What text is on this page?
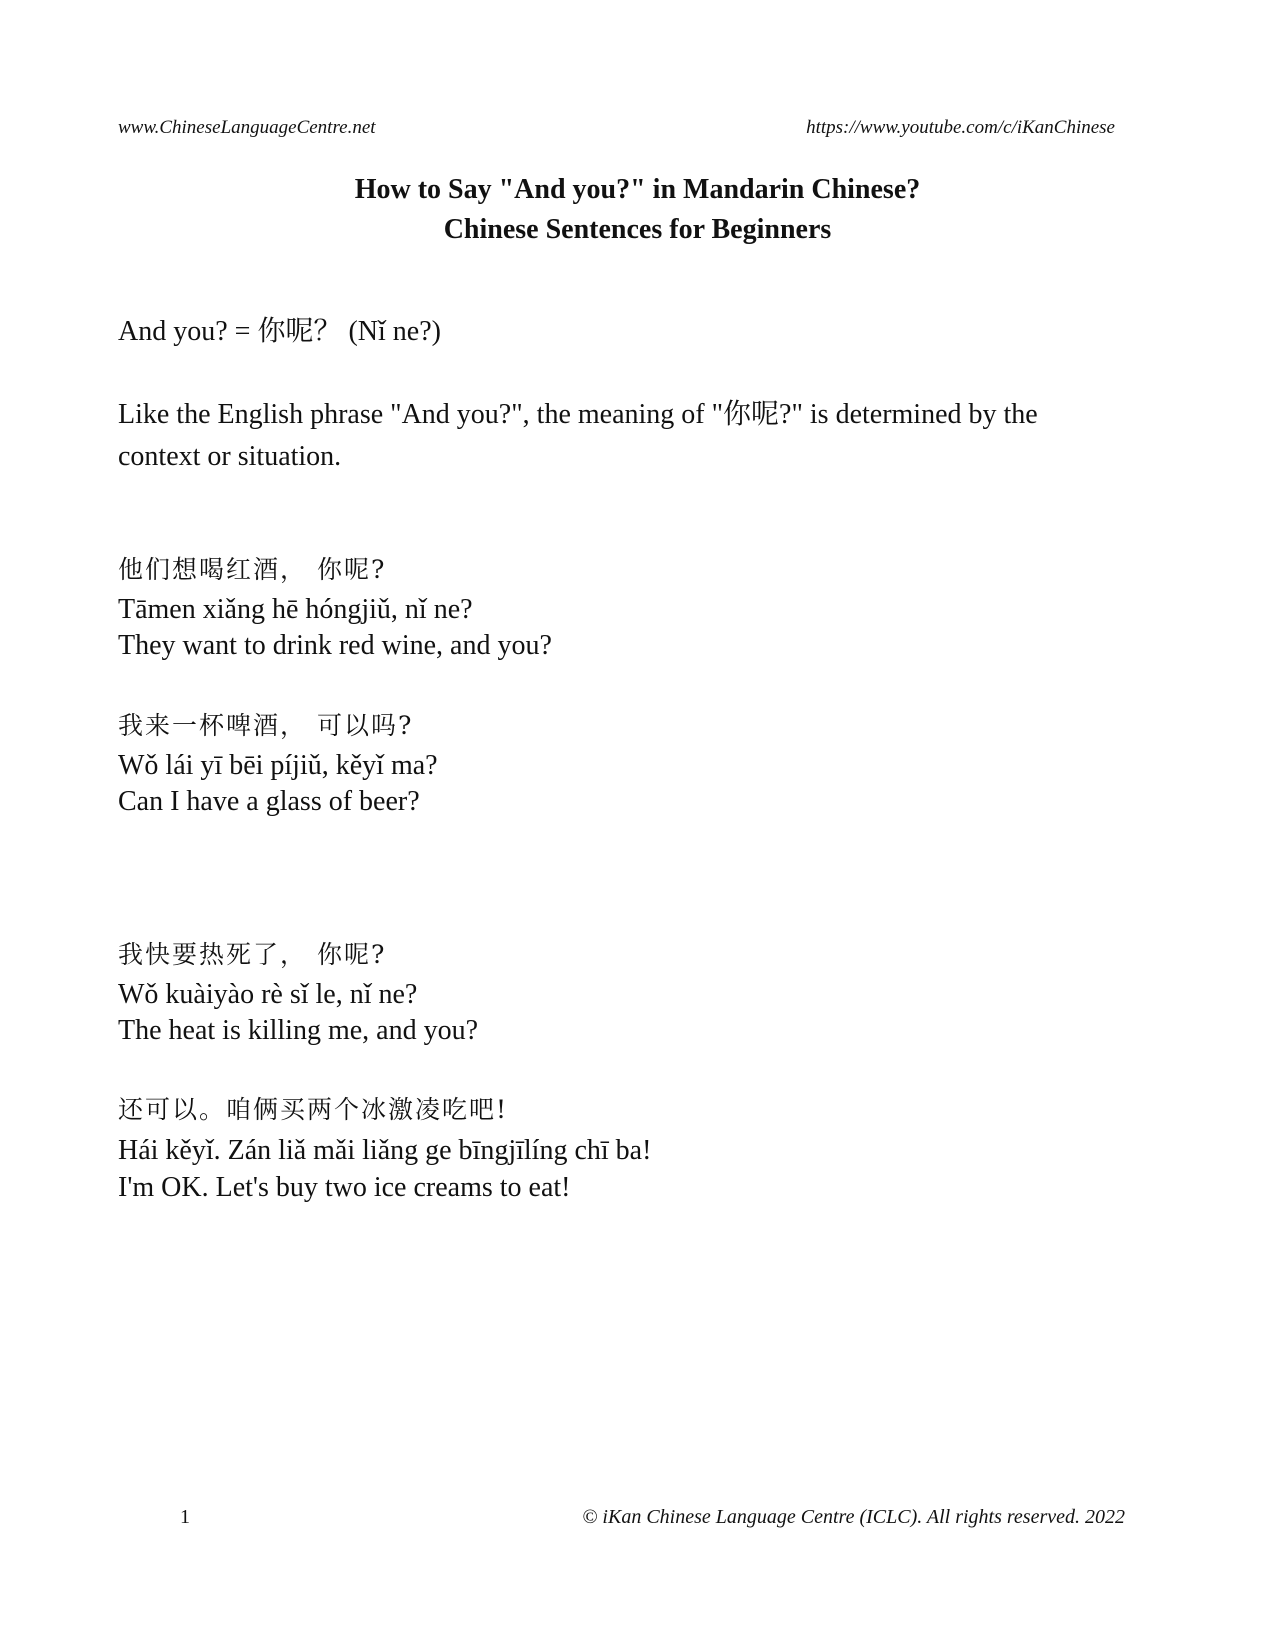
www.ChineseLanguageCentre.net	https://www.youtube.com/c/iKanChinese
How to Say "And you?" in Mandarin Chinese?
Chinese Sentences for Beginners
And you? = 你呢？ (Nǐ ne?)
Like the English phrase "And you?", the meaning of "你呢?" is determined by the context or situation.
他们想喝红酒， 你呢?
Tāmen xiǎng hē hóngjiǔ, nǐ ne?
They want to drink red wine, and you?
我来一杯啤酒， 可以吗?
Wǒ lái yī bēi píjiǔ, kěyǐ ma?
Can I have a glass of beer?
我快要热死了， 你呢?
Wǒ kuàiyào rè sǐ le, nǐ ne?
The heat is killing me, and you?
还可以。咱俩买两个冰激凌吃吧!
Hái kěyǐ. Zán liǎ mǎi liǎng ge bīngjīlíng chī ba!
I'm OK. Let's buy two ice creams to eat!
1	© iKan Chinese Language Centre (ICLC). All rights reserved. 2022
